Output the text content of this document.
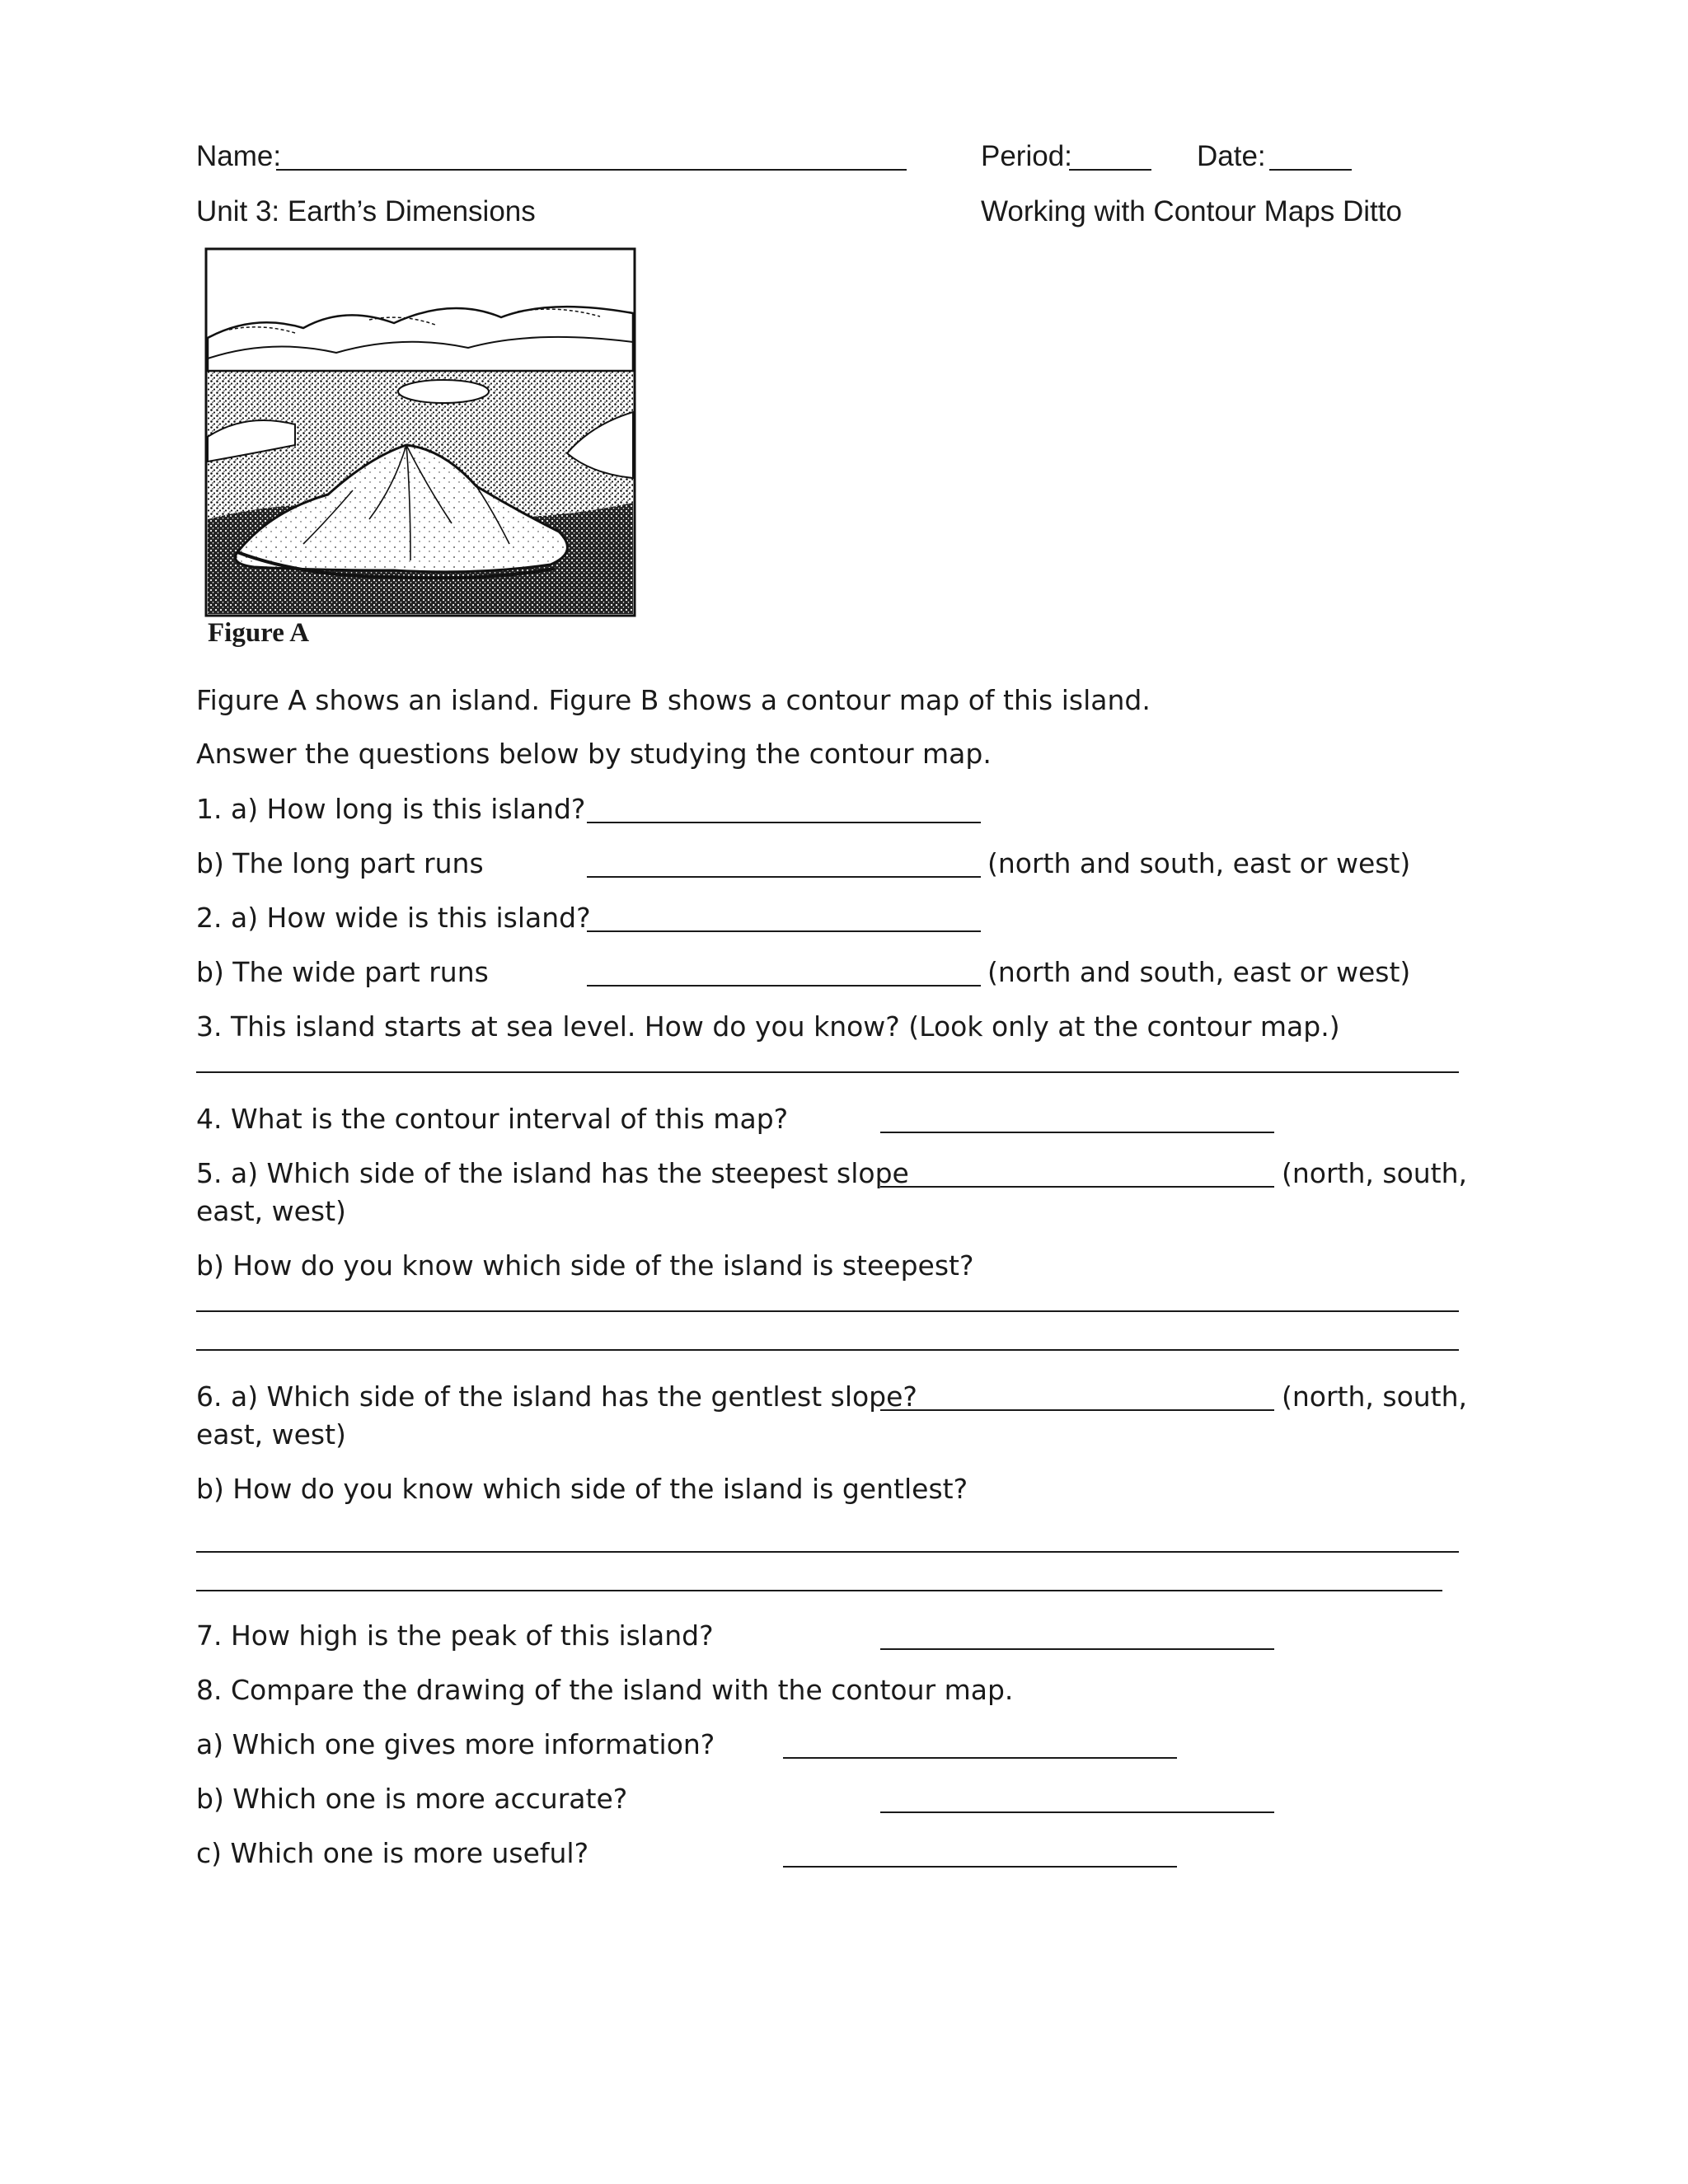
Name:	Period:	Date:
Unit 3: Earth’s Dimensions	Working with Contour Maps Ditto
Figure A
Figure A shows an island. Figure B shows a contour map of this island.
Answer the questions below by studying the contour map.
1. a) How long is this island?
b) The long part runs	(north and south, east or west)
2. a) How wide is this island?
b) The wide part runs	(north and south, east or west)
3. This island starts at sea level. How do you know? (Look only at the contour map.)
4. What is the contour interval of this map?
5. a) Which side of the island has the steepest slope	(north, south,
east, west)
b) How do you know which side of the island is steepest?
6. a) Which side of the island has the gentlest slope?	(north, south,
east, west)
b) How do you know which side of the island is gentlest?
7. How high is the peak of this island?
8. Compare the drawing of the island with the contour map.
a) Which one gives more information?
b) Which one is more accurate?
c) Which one is more useful?
